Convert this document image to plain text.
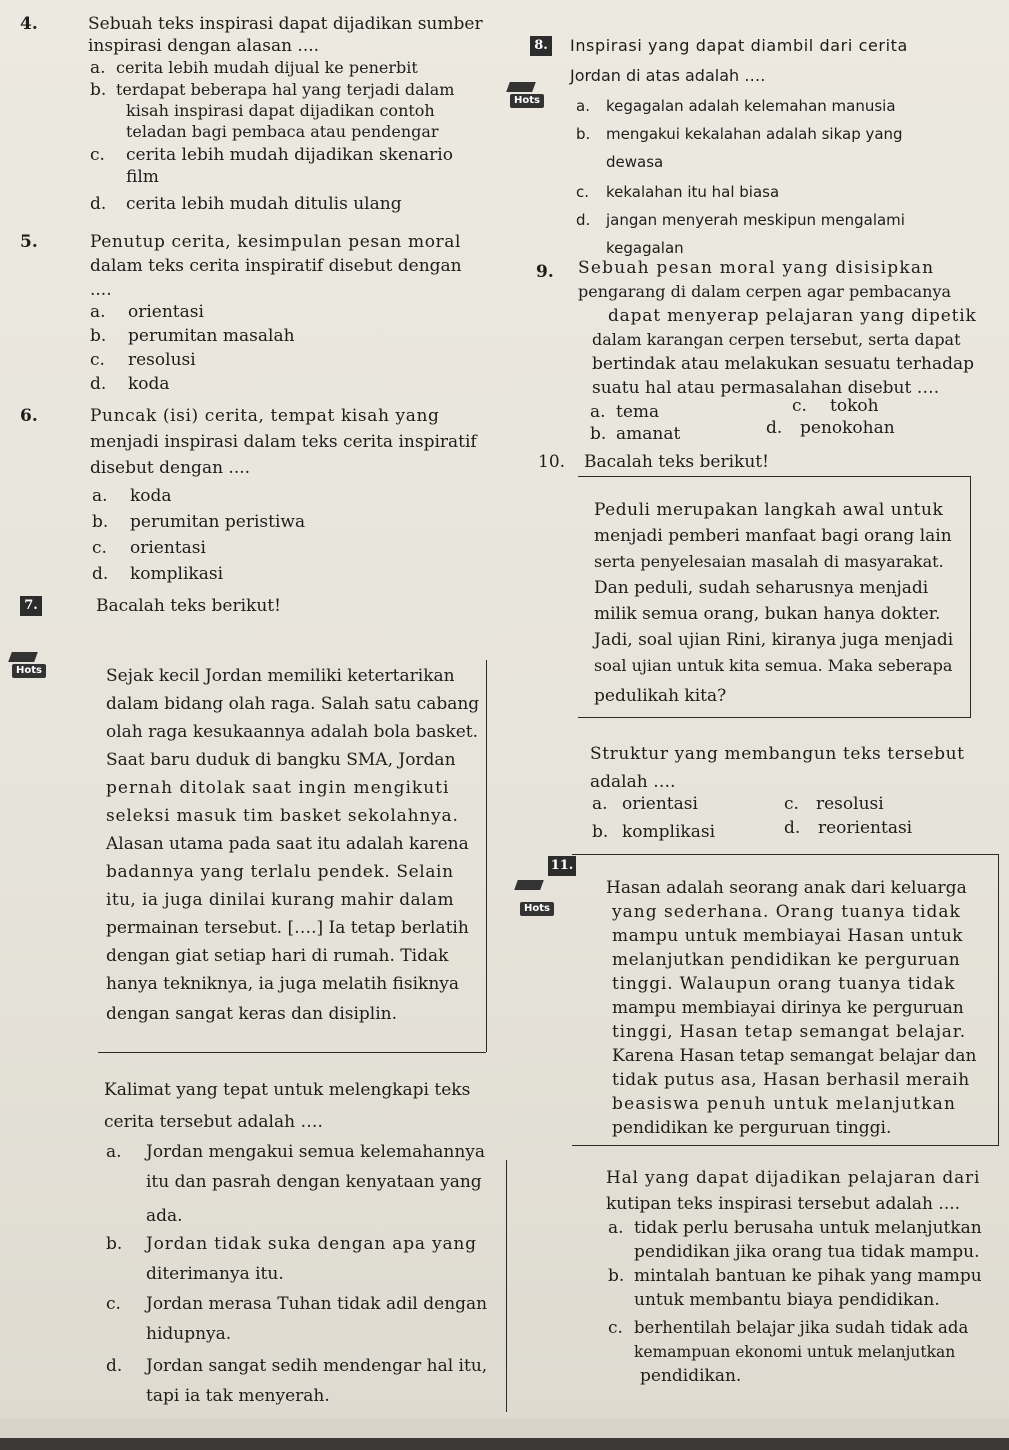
4.	Sebuah teks inspirasi dapat dijadikan sumber
inspirasi dengan alasan ....
a. cerita lebih mudah dijual ke penerbit
b. terdapat beberapa hal yang terjadi dalam
kisah inspirasi dapat dijadikan contoh
teladan bagi pembaca atau pendengar
c. cerita lebih mudah dijadikan skenario
film
d. cerita lebih mudah ditulis ulang
5.	Penutup cerita, kesimpulan pesan moral
dalam teks cerita inspiratif disebut dengan
....
a. orientasi
b. perumitan masalah
c. resolusi
d. koda
6.	Puncak (isi) cerita, tempat kisah yang
menjadi inspirasi dalam teks cerita inspiratif
disebut dengan ....
a. koda
b. perumitan peristiwa
c. orientasi
d. komplikasi
7.	Bacalah teks berikut!
Hots	Sejak kecil Jordan memiliki ketertarikan
dalam bidang olah raga. Salah satu cabang
olah raga kesukaannya adalah bola basket.
Saat baru duduk di bangku SMA, Jordan
pernah ditolak saat ingin mengikuti
seleksi masuk tim basket sekolahnya.
Alasan utama pada saat itu adalah karena
badannya yang terlalu pendek. Selain
itu, ia juga dinilai kurang mahir dalam
permainan tersebut. [….] Ia tetap berlatih
dengan giat setiap hari di rumah. Tidak
hanya tekniknya, ia juga melatih fisiknya
dengan sangat keras dan disiplin.
Kalimat yang tepat untuk melengkapi teks
cerita tersebut adalah ….
a. Jordan mengakui semua kelemahannya
itu dan pasrah dengan kenyataan yang
ada.
b. Jordan tidak suka dengan apa yang
diterimanya itu.
c. Jordan merasa Tuhan tidak adil dengan
hidupnya.
d. Jordan sangat sedih mendengar hal itu,
tapi ia tak menyerah.
8.
Hots
Inspirasi yang dapat diambil dari cerita
Jordan di atas adalah ….
a. kegagalan adalah kelemahan manusia
b. mengakui kekalahan adalah sikap yang
dewasa
c. kekalahan itu hal biasa
d. jangan menyerah meskipun mengalami
kegagalan
9. Sebuah pesan moral yang disisipkan
pengarang di dalam cerpen agar pembacanya
dapat menyerap pelajaran yang dipetik
dalam karangan cerpen tersebut, serta dapat
bertindak atau melakukan sesuatu terhadap
suatu hal atau permasalahan disebut ….
a. tema
b. amanat
c. tokoh
d. penokohan
10. Bacalah teks berikut!
Peduli merupakan langkah awal untuk
menjadi pemberi manfaat bagi orang lain
serta penyelesaian masalah di masyarakat.
Dan peduli, sudah seharusnya menjadi
milik semua orang, bukan hanya dokter.
Jadi, soal ujian Rini, kiranya juga menjadi
soal ujian untuk kita semua. Maka seberapa
pedulikah kita?
Struktur yang membangun teks tersebut
adalah ….
a. orientasi
b. komplikasi
c. resolusi
d. reorientasi
11.
Hots
Hasan adalah seorang anak dari keluarga
yang sederhana. Orang tuanya tidak
mampu untuk membiayai Hasan untuk
melanjutkan pendidikan ke perguruan
tinggi. Walaupun orang tuanya tidak
mampu membiayai dirinya ke perguruan
tinggi, Hasan tetap semangat belajar.
Karena Hasan tetap semangat belajar dan
tidak putus asa, Hasan berhasil meraih
beasiswa penuh untuk melanjutkan
pendidikan ke perguruan tinggi.
Hal yang dapat dijadikan pelajaran dari
kutipan teks inspirasi tersebut adalah ....
a. tidak perlu berusaha untuk melanjutkan
pendidikan jika orang tua tidak mampu.
b. mintalah bantuan ke pihak yang mampu
untuk membantu biaya pendidikan.
c. berhentilah belajar jika sudah tidak ada
kemampuan ekonomi untuk melanjutkan
pendidikan.
